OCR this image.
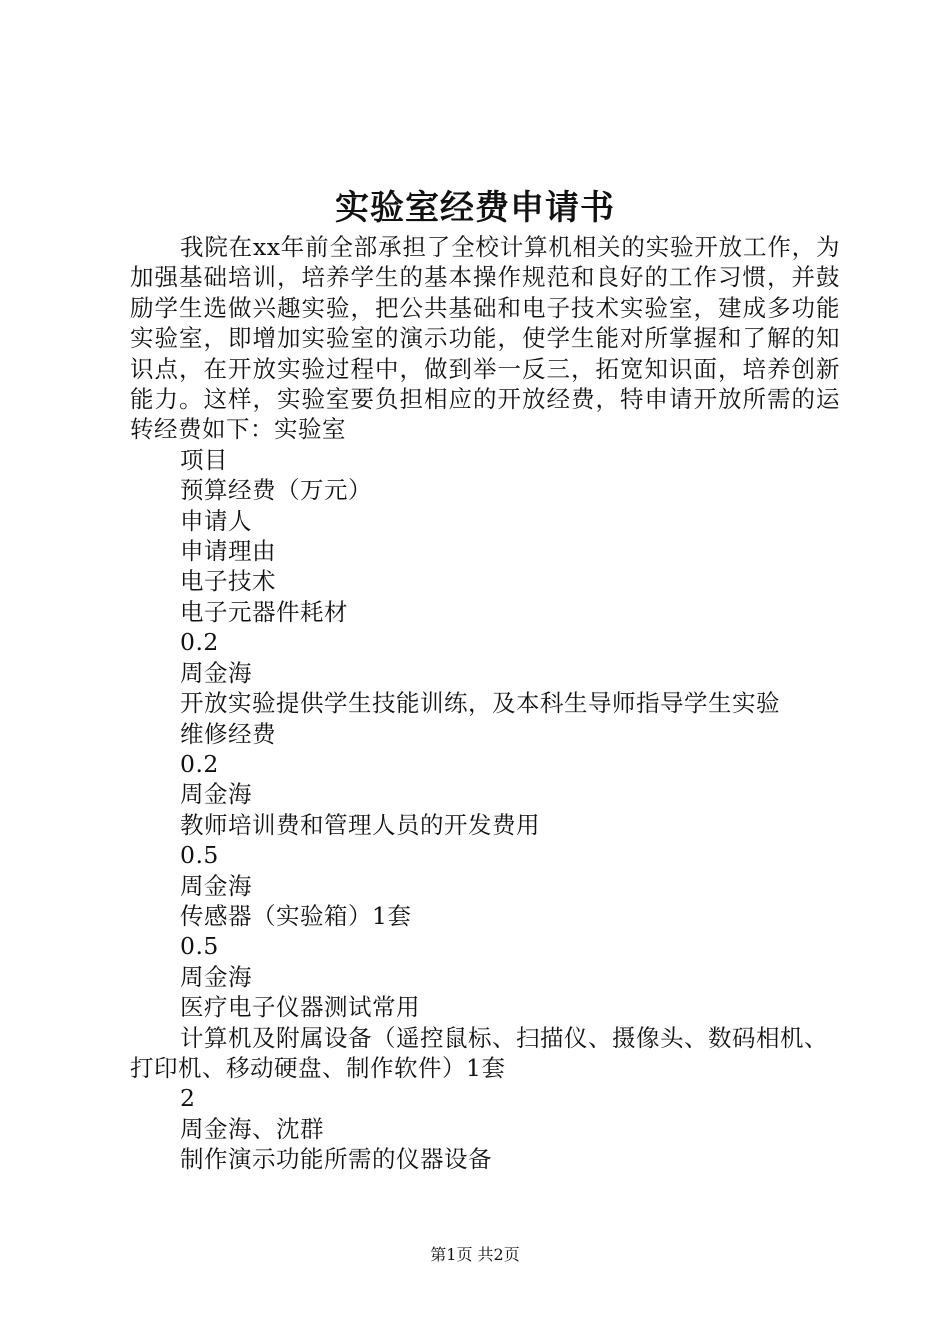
实验室经费申请书

我院在xx年前全部承担了全校计算机相关的实验开放工作，为加强基础培训，培养学生的基本操作规范和良好的工作习惯，并鼓励学生选做兴趣实验，把公共基础和电子技术实验室，建成多功能实验室，即增加实验室的演示功能，使学生能对所掌握和了解的知识点，在开放实验过程中，做到举一反三，拓宽知识面，培养创新能力。这样，实验室要负担相应的开放经费，特申请开放所需的运转经费如下：实验室

项目

预算经费（万元）

申请人

申请理由

电子技术

电子元器件耗材

0.2

周金海

开放实验提供学生技能训练，及本科生导师指导学生实验

维修经费

0.2

周金海

教师培训费和管理人员的开发费用

0.5

周金海

传感器（实验箱）1套

0.5

周金海

医疗电子仪器测试常用

计算机及附属设备（遥控鼠标、扫描仪、摄像头、数码相机、打印机、移动硬盘、制作软件）1套

2

周金海、沈群

制作演示功能所需的仪器设备

第1页 共2页
